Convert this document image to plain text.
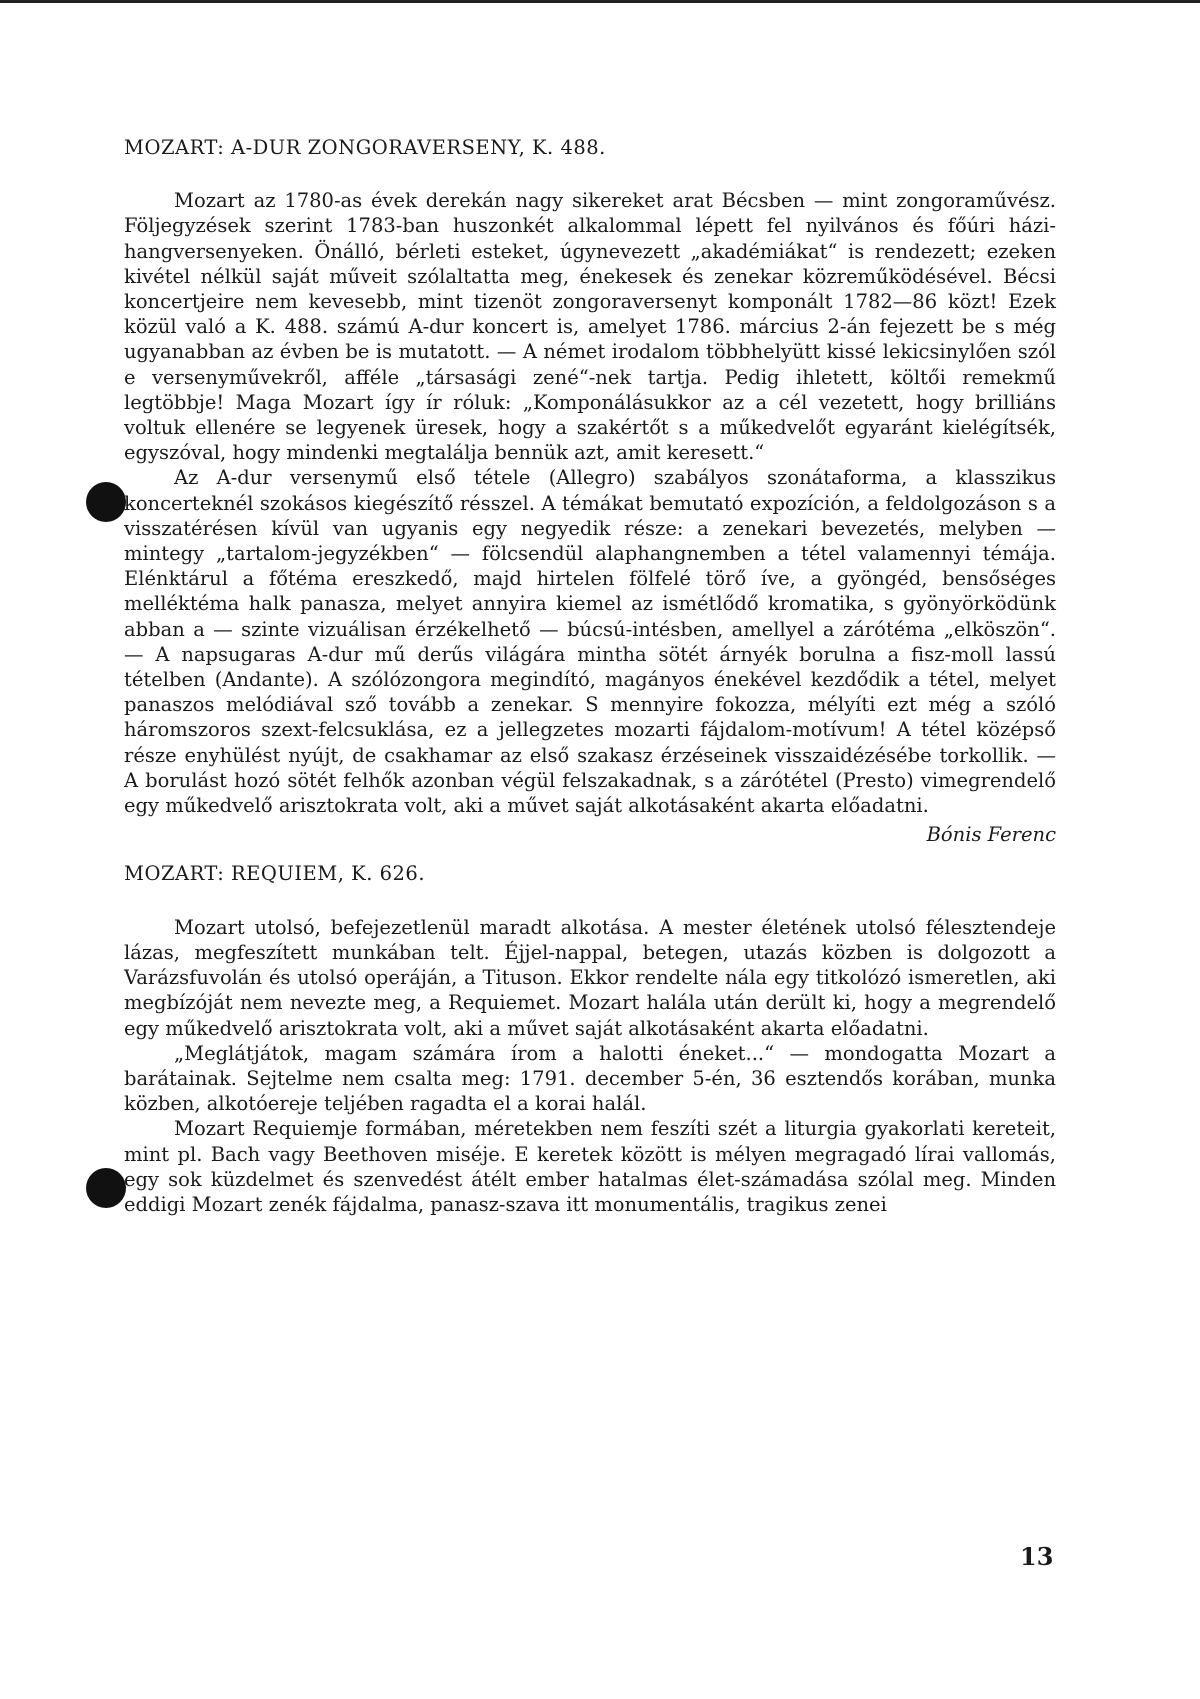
MOZART: A-DUR ZONGORAVERSENY, K. 488.

Mozart az 1780-as évek derekán nagy sikereket arat Bécsben — mint zongoraművész. Följegyzések szerint 1783-ban huszonkét alkalommal lépett fel nyilvános és főúri házi-hangversenyeken. Önálló, bérleti esteket, úgynevezett „akadémiákat“ is rendezett; ezeken kivétel nélkül saját műveit szólaltatta meg, énekesek és zenekar közreműködésével. Bécsi koncertjeire nem kevesebb, mint tizenöt zongoraversenyt komponált 1782—86 közt! Ezek közül való a K. 488. számú A-dur koncert is, amelyet 1786. március 2-án fejezett be s még ugyanabban az évben be is mutatott. — A német irodalom többhelyütt kissé lekicsinylően szól e versenyművekről, afféle „társasági zené“-nek tartja. Pedig ihletett, költői remekmű legtöbbje! Maga Mozart így ír róluk: „Komponálásukkor az a cél vezetett, hogy brilliáns voltuk ellenére se legyenek üresek, hogy a szakértőt s a műkedvelőt egyaránt kielégítsék, egyszóval, hogy mindenki megtalálja bennük azt, amit keresett.“

Az A-dur versenymű első tétele (Allegro) szabályos szonátaforma, a klasszikus koncerteknél szokásos kiegészítő résszel. A témákat bemutató expozíción, a feldolgozáson s a visszatérésen kívül van ugyanis egy negyedik része: a zenekari bevezetés, melyben — mintegy „tartalom-jegyzékben“ — fölcsendül alaphangnemben a tétel valamennyi témája. Elénktárul a főtéma ereszkedő, majd hirtelen fölfelé törő íve, a gyöngéd, bensőséges melléktéma halk panasza, melyet annyira kiemel az ismétlődő kromatika, s gyönyörködünk abban a — szinte vizuálisan érzékelhető — búcsú-intésben, amellyel a zárótéma „elköszön“. — A napsugaras A-dur mű derűs világára mintha sötét árnyék borulna a fisz-moll lassú tételben (Andante). A szólózongora megindító, magányos énekével kezdődik a tétel, melyet panaszos melódiával sző tovább a zenekar. S mennyire fokozza, mélyíti ezt még a szóló háromszoros szext-felcsuklása, ez a jellegzetes mozarti fájdalom-motívum! A tétel középső része enyhülést nyújt, de csakhamar az első szakasz érzéseinek visszaidézésébe torkollik. — A borulást hozó sötét felhők azonban végül felszakadnak, s a zárótétel (Presto) vimegrendelő egy műkedvelő arisztokrata volt, aki a művet saját alkotásaként akarta előadatni.

Bónis Ferenc

MOZART: REQUIEM, K. 626.

Mozart utolsó, befejezetlenül maradt alkotása. A mester életének utolsó félesztendeje lázas, megfeszített munkában telt. Éjjel-nappal, betegen, utazás közben is dolgozott a Varázsfuvolán és utolsó operáján, a Tituson. Ekkor rendelte nála egy titkolózó ismeretlen, aki megbízóját nem nevezte meg, a Requiemet. Mozart halála után derült ki, hogy a megrendelő egy műkedvelő arisztokrata volt, aki a művet saját alkotásaként akarta előadatni.

„Meglátjátok, magam számára írom a halotti éneket...“ — mondogatta Mozart a barátainak. Sejtelme nem csalta meg: 1791. december 5-én, 36 esztendős korában, munka közben, alkotóereje teljében ragadta el a korai halál.

Mozart Requiemje formában, méretekben nem feszíti szét a liturgia gyakorlati kereteit, mint pl. Bach vagy Beethoven miséje. E keretek között is mélyen megragadó lírai vallomás, egy sok küzdelmet és szenvedést átélt ember hatalmas élet-számadása szólal meg. Minden eddigi Mozart zenék fájdalma, panasz-szava itt monumentális, tragikus zenei

13
